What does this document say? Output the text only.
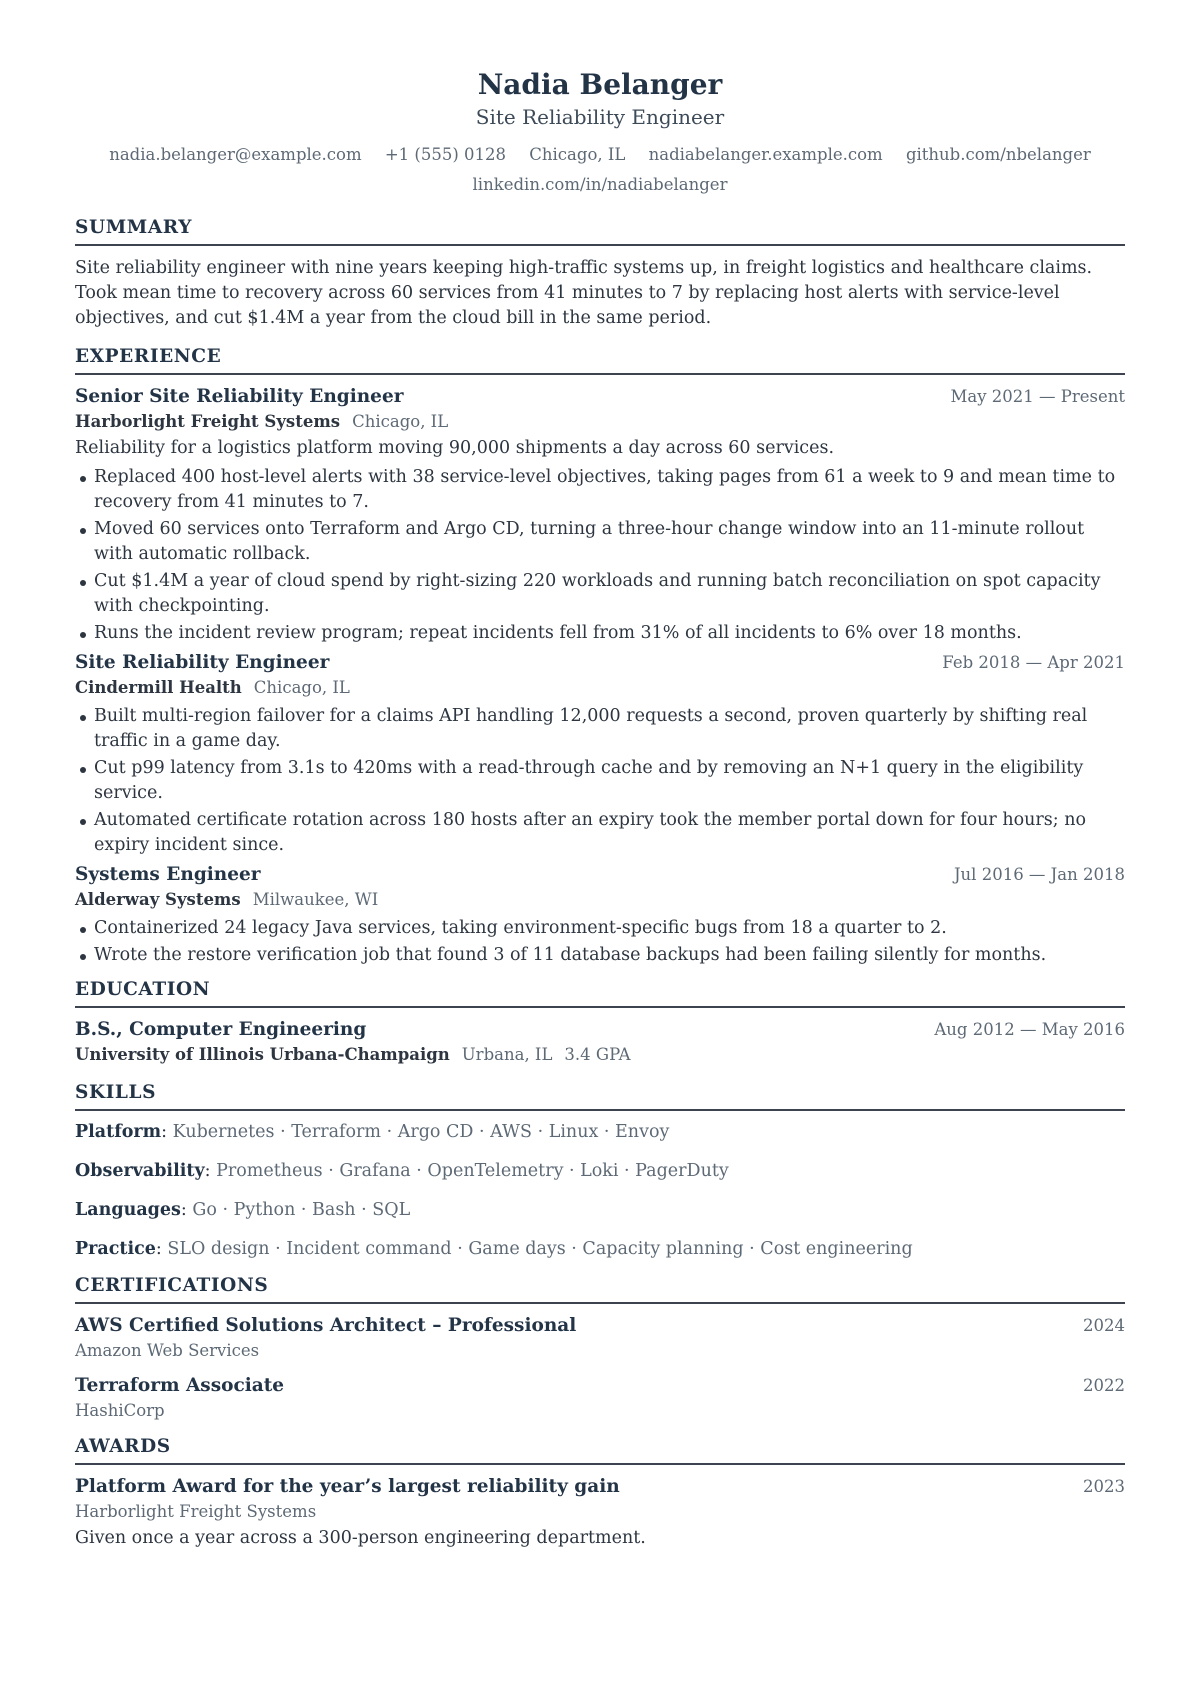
Nadia Belanger
Site Reliability Engineer
nadia.belanger@example.com +1 (555) 0128 Chicago, IL nadiabelanger.example.com github.com/nbelanger
linkedin.com/in/nadiabelanger
SUMMARY
Site reliability engineer with nine years keeping high-traffic systems up, in freight logistics and healthcare claims. Took mean time to recovery across 60 services from 41 minutes to 7 by replacing host alerts with service-level objectives, and cut $1.4M a year from the cloud bill in the same period.
EXPERIENCE
Senior Site Reliability Engineer	May 2021 — Present
Harborlight Freight Systems Chicago, IL
Reliability for a logistics platform moving 90,000 shipments a day across 60 services.
Replaced 400 host-level alerts with 38 service-level objectives, taking pages from 61 a week to 9 and mean time to recovery from 41 minutes to 7.
Moved 60 services onto Terraform and Argo CD, turning a three-hour change window into an 11-minute rollout with automatic rollback.
Cut $1.4M a year of cloud spend by right-sizing 220 workloads and running batch reconciliation on spot capacity with checkpointing.
Runs the incident review program; repeat incidents fell from 31% of all incidents to 6% over 18 months.
Site Reliability Engineer	Feb 2018 — Apr 2021
Cindermill Health Chicago, IL
Built multi-region failover for a claims API handling 12,000 requests a second, proven quarterly by shifting real traffic in a game day.
Cut p99 latency from 3.1s to 420ms with a read-through cache and by removing an N+1 query in the eligibility service.
Automated certificate rotation across 180 hosts after an expiry took the member portal down for four hours; no expiry incident since.
Systems Engineer	Jul 2016 — Jan 2018
Alderway Systems Milwaukee, WI
Containerized 24 legacy Java services, taking environment-specific bugs from 18 a quarter to 2.
Wrote the restore verification job that found 3 of 11 database backups had been failing silently for months.
EDUCATION
B.S., Computer Engineering	Aug 2012 — May 2016
University of Illinois Urbana-Champaign Urbana, IL 3.4 GPA
SKILLS
Platform: Kubernetes · Terraform · Argo CD · AWS · Linux · Envoy
Observability: Prometheus · Grafana · OpenTelemetry · Loki · PagerDuty
Languages: Go · Python · Bash · SQL
Practice: SLO design · Incident command · Game days · Capacity planning · Cost engineering
CERTIFICATIONS
AWS Certified Solutions Architect – Professional	2024
Amazon Web Services
Terraform Associate	2022
HashiCorp
AWARDS
Platform Award for the year’s largest reliability gain	2023
Harborlight Freight Systems
Given once a year across a 300-person engineering department.
